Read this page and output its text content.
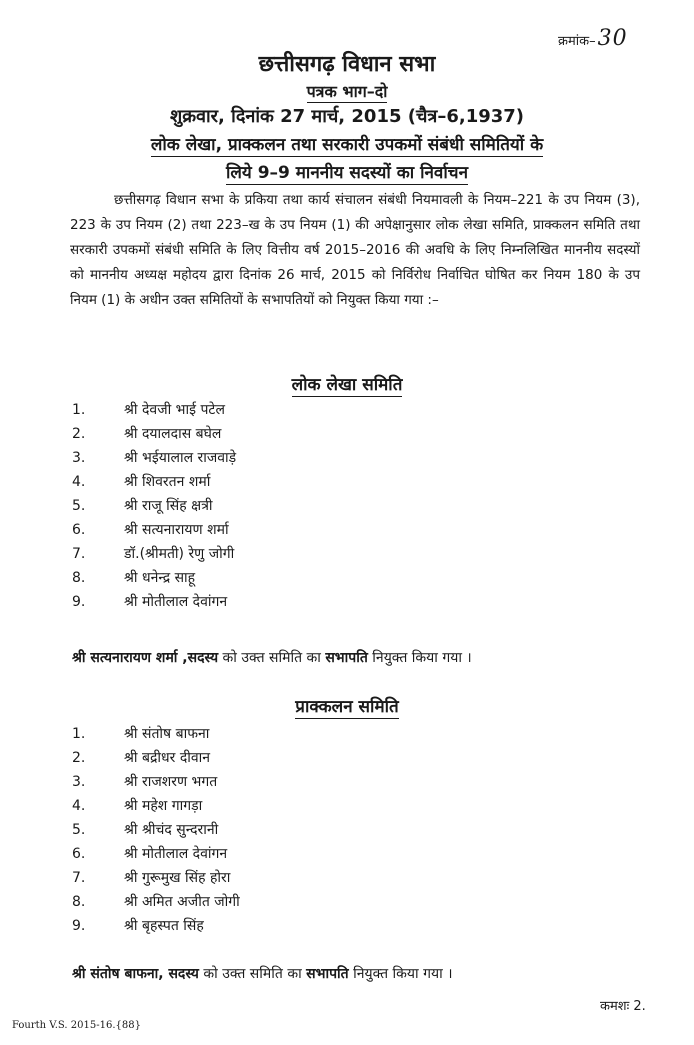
क्रमांक–30
छत्तीसगढ़ विधान सभा
पत्रक भाग–दो
शुक्रवार, दिनांक 27 मार्च, 2015 (चैत्र–6,1937)
लोक लेखा, प्राक्कलन तथा सरकारी उपकमों संबंधी समितियों के
लिये 9–9 माननीय सदस्यों का निर्वाचन
छत्तीसगढ़ विधान सभा के प्रकिया तथा कार्य संचालन संबंधी नियमावली के नियम–221 के उप नियम (3), 223 के उप नियम (2) तथा 223–ख के उप नियम (1) की अपेक्षानुसार लोक लेखा समिति, प्राक्कलन समिति तथा सरकारी उपकमों संबंधी समिति के लिए वित्तीय वर्ष 2015–2016 की अवधि के लिए निम्नलिखित माननीय सदस्यों को माननीय अध्यक्ष महोदय द्वारा दिनांक 26 मार्च, 2015 को निर्विरोध निर्वाचित घोषित कर नियम 180 के उप नियम (1) के अधीन उक्त समितियों के सभापतियों को नियुक्त किया गया :–
लोक लेखा समिति
1.	श्री देवजी भाई पटेल
2.	श्री दयालदास बघेल
3.	श्री भईयालाल राजवाड़े
4.	श्री शिवरतन शर्मा
5.	श्री राजू सिंह क्षत्री
6.	श्री सत्यनारायण शर्मा
7.	डॉ.(श्रीमती) रेणु जोगी
8.	श्री धनेन्द्र साहू
9.	श्री मोतीलाल देवांगन
श्री सत्यनारायण शर्मा ,सदस्य को उक्त समिति का सभापति नियुक्त किया गया ।
प्राक्कलन समिति
1.	श्री संतोष बाफना
2.	श्री बद्रीधर दीवान
3.	श्री राजशरण भगत
4.	श्री महेश गागड़ा
5.	श्री श्रीचंद सुन्दरानी
6.	श्री मोतीलाल देवांगन
7.	श्री गुरूमुख सिंह होरा
8.	श्री अमित अजीत जोगी
9.	श्री बृहस्पत सिंह
श्री संतोष बाफना, सदस्य को उक्त समिति का सभापति नियुक्त किया गया ।
कमशः 2.
Fourth V.S. 2015-16.{88}
